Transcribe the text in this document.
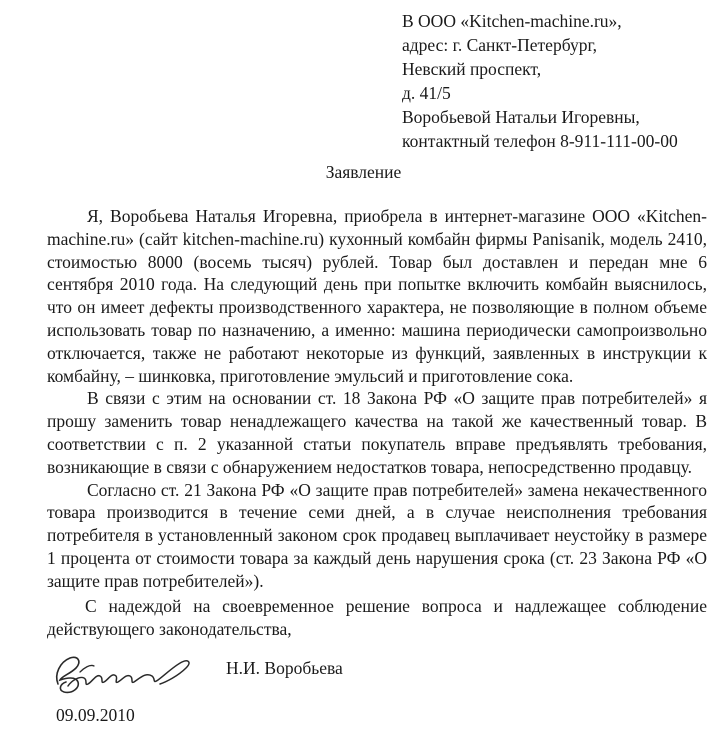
В ООО «Kitchen-machine.ru»,
адрес: г. Санкт-Петербург,
Невский проспект,
д. 41/5
Воробьевой Натальи Игоревны,
контактный телефон 8-911-111-00-00
Заявление

Я, Воробьева Наталья Игоревна, приобрела в интернет-магазине ООО «Kitchen-machine.ru» (сайт kitchen-machine.ru) кухонный комбайн фирмы Panisanik, модель 2410, стоимостью 8000 (восемь тысяч) рублей. Товар был доставлен и передан мне 6 сентября 2010 года. На следующий день при попытке включить комбайн выяснилось, что он имеет дефекты производственного характера, не позволяющие в полном объеме использовать товар по назначению, а именно: машина периодически самопроизвольно отключается, также не работают некоторые из функций, заявленных в инструкции к комбайну, – шинковка, приготовление эмульсий и приготовление сока.

В связи с этим на основании ст. 18 Закона РФ «О защите прав потребителей» я прошу заменить товар ненадлежащего качества на такой же качественный товар. В соответствии с п. 2 указанной статьи покупатель вправе предъявлять требования, возникающие в связи с обнаружением недостатков товара, непосредственно продавцу.

Согласно ст. 21 Закона РФ «О защите прав потребителей» замена некачественного товара производится в течение семи дней, а в случае неисполнения требования потребителя в установленный законом срок продавец выплачивает неустойку в размере 1 процента от стоимости товара за каждый день нарушения срока (ст. 23 Закона РФ «О защите прав потребителей»).

С надеждой на своевременное решение вопроса и надлежащее соблюдение действующего законодательства,

Н.И. Воробьева
09.09.2010
